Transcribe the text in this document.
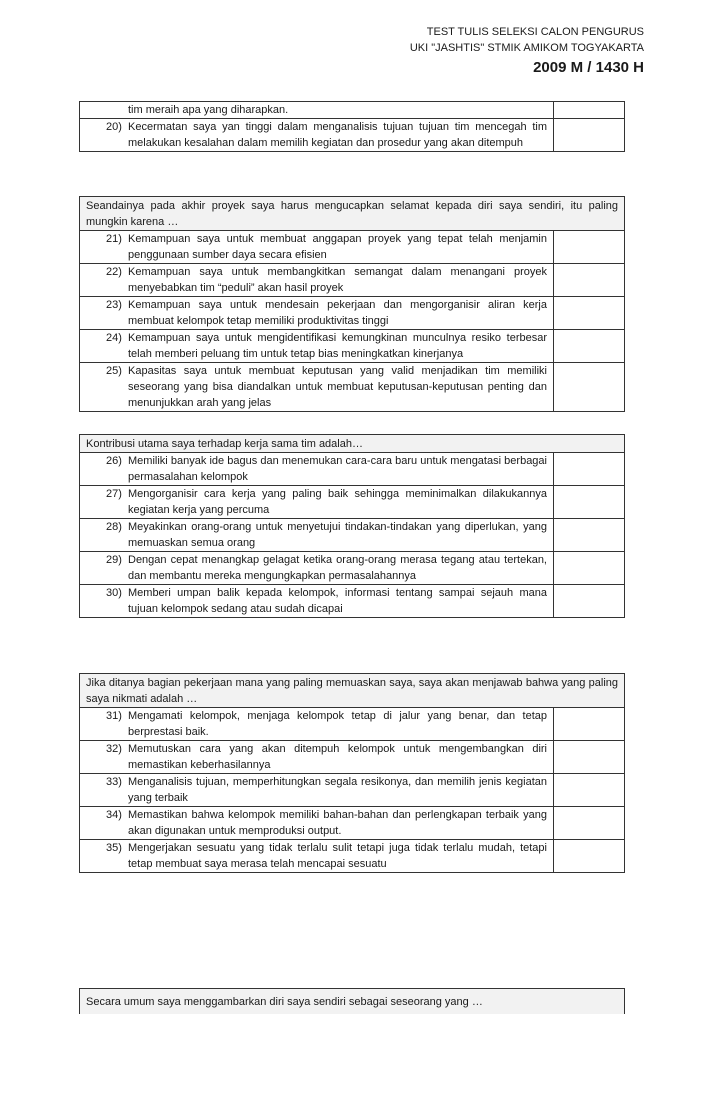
TEST TULIS SELEKSI CALON PENGURUS
UKI "JASHTIS" STMIK AMIKOM TOGYAKARTA
2009 M / 1430 H
tim meraih apa yang diharapkan.
20) Kecermatan saya yan tinggi dalam menganalisis tujuan tujuan tim mencegah tim melakukan kesalahan dalam memilih kegiatan dan prosedur yang akan ditempuh
Seandainya pada akhir proyek saya harus mengucapkan selamat kepada diri saya sendiri, itu paling mungkin karena …
21) Kemampuan saya untuk membuat anggapan proyek yang tepat telah menjamin penggunaan sumber daya secara efisien
22) Kemampuan saya untuk membangkitkan semangat dalam menangani proyek menyebabkan tim “peduli” akan hasil proyek
23) Kemampuan saya untuk mendesain pekerjaan dan mengorganisir aliran kerja membuat kelompok tetap memiliki produktivitas tinggi
24) Kemampuan saya untuk mengidentifikasi kemungkinan munculnya resiko terbesar telah memberi peluang tim untuk tetap bias meningkatkan kinerjanya
25) Kapasitas saya untuk membuat keputusan yang valid menjadikan tim memiliki seseorang yang bisa diandalkan untuk membuat keputusan-keputusan penting dan menunjukkan arah yang jelas
Kontribusi utama saya terhadap kerja sama tim adalah…
26) Memiliki banyak ide bagus dan menemukan cara-cara baru untuk mengatasi berbagai permasalahan kelompok
27) Mengorganisir cara kerja yang paling baik sehingga meminimalkan dilakukannya kegiatan kerja yang percuma
28) Meyakinkan orang-orang untuk menyetujui tindakan-tindakan yang diperlukan, yang memuaskan semua orang
29) Dengan cepat menangkap gelagat ketika orang-orang merasa tegang atau tertekan, dan membantu mereka mengungkapkan permasalahannya
30) Memberi umpan balik kepada kelompok, informasi tentang sampai sejauh mana tujuan kelompok sedang atau sudah dicapai
Jika ditanya bagian pekerjaan mana yang paling memuaskan saya, saya akan menjawab bahwa yang paling saya nikmati adalah …
31) Mengamati kelompok, menjaga kelompok tetap di jalur yang benar, dan tetap berprestasi baik.
32) Memutuskan cara yang akan ditempuh kelompok untuk mengembangkan diri memastikan keberhasilannya
33) Menganalisis tujuan, memperhitungkan segala resikonya, dan memilih jenis kegiatan yang terbaik
34) Memastikan bahwa kelompok memiliki bahan-bahan dan perlengkapan terbaik yang akan digunakan untuk memproduksi output.
35) Mengerjakan sesuatu yang tidak terlalu sulit tetapi juga tidak terlalu mudah, tetapi tetap membuat saya merasa telah mencapai sesuatu
Secara umum saya menggambarkan diri saya sendiri sebagai seseorang yang …
